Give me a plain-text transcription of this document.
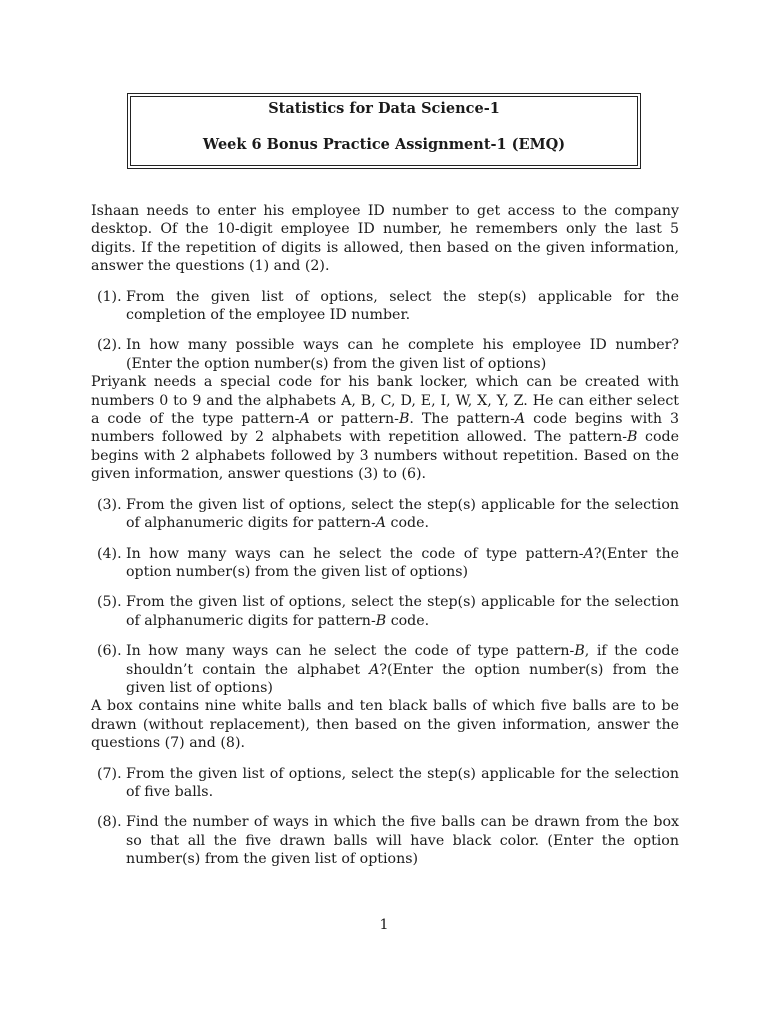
Statistics for Data Science-1
Week 6 Bonus Practice Assignment-1 (EMQ)

Ishaan needs to enter his employee ID number to get access to the company desktop. Of the 10-digit employee ID number, he remembers only the last 5 digits. If the repetition of digits is allowed, then based on the given information, answer the questions (1) and (2).

(1). From the given list of options, select the step(s) applicable for the completion of the employee ID number.
(2). In how many possible ways can he complete his employee ID number?(Enter the option number(s) from the given list of options)

Priyank needs a special code for his bank locker, which can be created with numbers 0 to 9 and the alphabets A, B, C, D, E, I, W, X, Y, Z. He can either select a code of the type pattern-A or pattern-B. The pattern-A code begins with 3 numbers followed by 2 alphabets with repetition allowed. The pattern-B code begins with 2 alphabets followed by 3 numbers without repetition. Based on the given information, answer questions (3) to (6).

(3). From the given list of options, select the step(s) applicable for the selection of alphanumeric digits for pattern-A code.
(4). In how many ways can he select the code of type pattern-A?(Enter the option number(s) from the given list of options)
(5). From the given list of options, select the step(s) applicable for the selection of alphanumeric digits for pattern-B code.
(6). In how many ways can he select the code of type pattern-B, if the code shouldn’t contain the alphabet A?(Enter the option number(s) from the given list of options)

A box contains nine white balls and ten black balls of which five balls are to be drawn (without replacement), then based on the given information, answer the questions (7) and (8).

(7). From the given list of options, select the step(s) applicable for the selection of five balls.
(8). Find the number of ways in which the five balls can be drawn from the box so that all the five drawn balls will have black color. (Enter the option number(s) from the given list of options)
1
